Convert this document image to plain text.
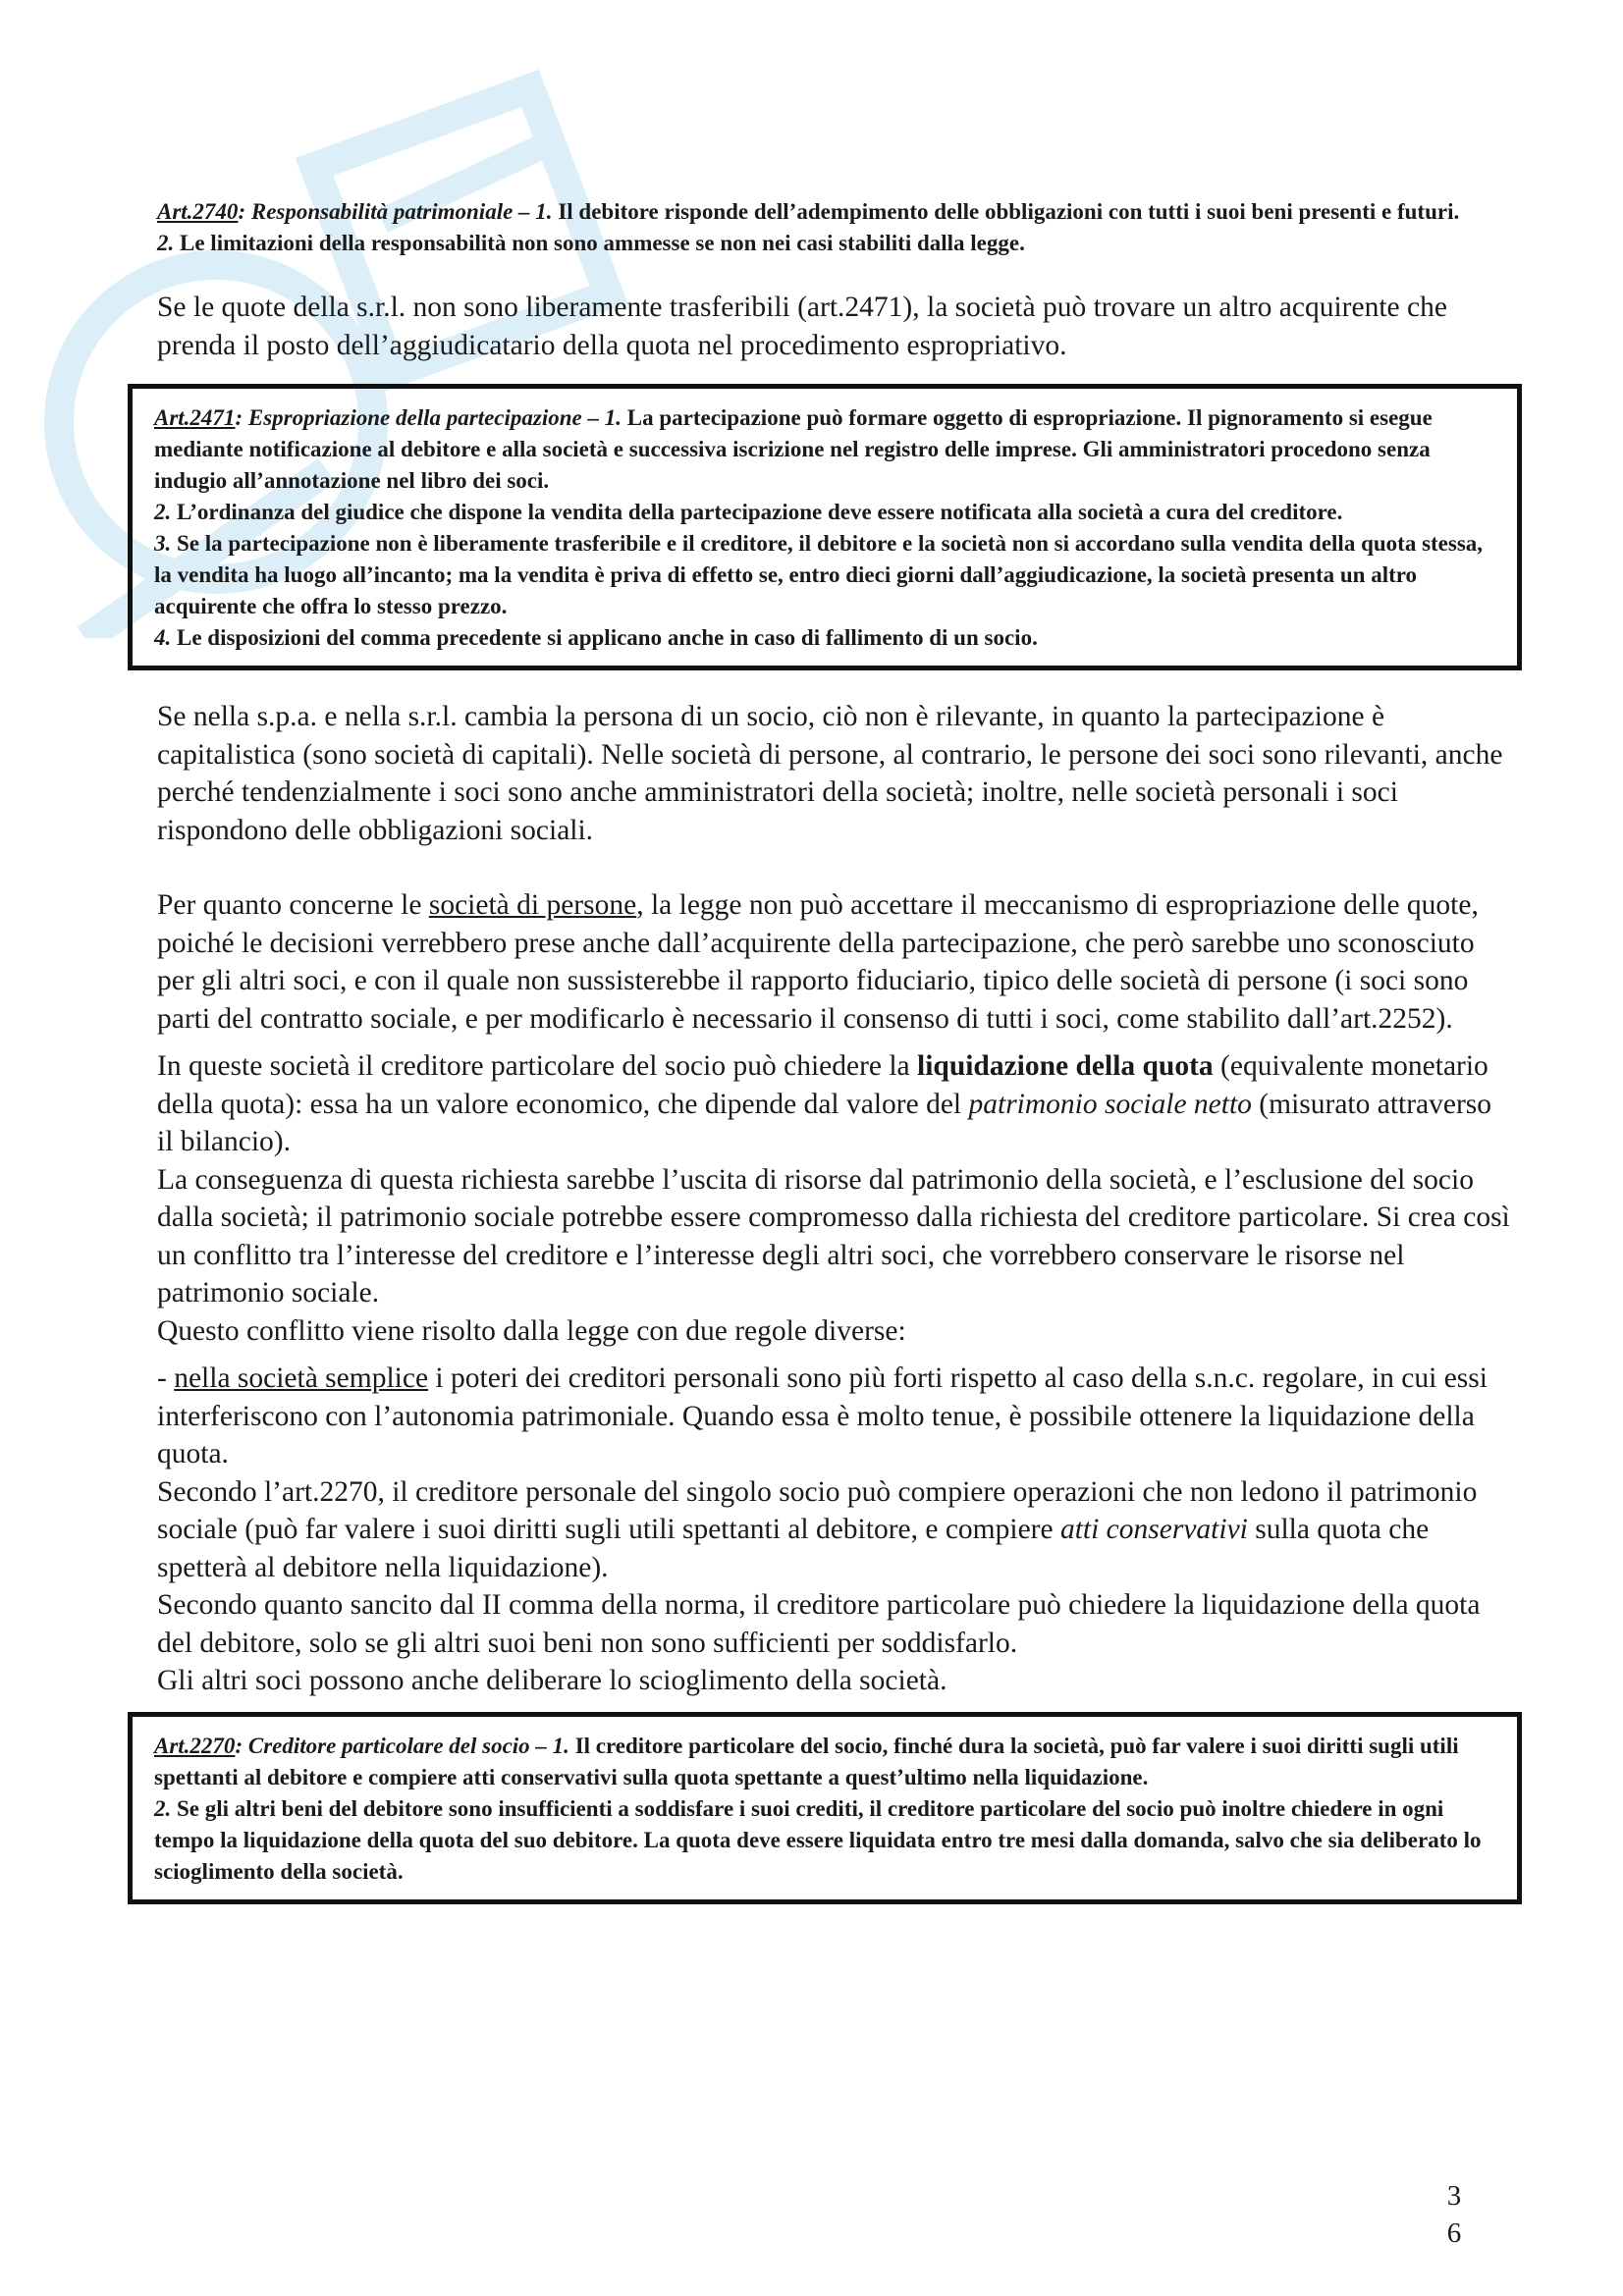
Art.2740: Responsabilità patrimoniale – 1. Il debitore risponde dell’adempimento delle obbligazioni con tutti i suoi beni presenti e futuri.
2. Le limitazioni della responsabilità non sono ammesse se non nei casi stabiliti dalla legge.

Se le quote della s.r.l. non sono liberamente trasferibili (art.2471), la società può trovare un altro acquirente che prenda il posto dell’aggiudicatario della quota nel procedimento espropriativo.

Art.2471: Espropriazione della partecipazione – 1. La partecipazione può formare oggetto di espropriazione. Il pignoramento si esegue mediante notificazione al debitore e alla società e successiva iscrizione nel registro delle imprese. Gli amministratori procedono senza indugio all’annotazione nel libro dei soci.
2. L’ordinanza del giudice che dispone la vendita della partecipazione deve essere notificata alla società a cura del creditore.
3. Se la partecipazione non è liberamente trasferibile e il creditore, il debitore e la società non si accordano sulla vendita della quota stessa, la vendita ha luogo all’incanto; ma la vendita è priva di effetto se, entro dieci giorni dall’aggiudicazione, la società presenta un altro acquirente che offra lo stesso prezzo.
4. Le disposizioni del comma precedente si applicano anche in caso di fallimento di un socio.

Se nella s.p.a. e nella s.r.l. cambia la persona di un socio, ciò non è rilevante, in quanto la partecipazione è capitalistica (sono società di capitali). Nelle società di persone, al contrario, le persone dei soci sono rilevanti, anche perché tendenzialmente i soci sono anche amministratori della società; inoltre, nelle società personali i soci rispondono delle obbligazioni sociali.

Per quanto concerne le società di persone, la legge non può accettare il meccanismo di espropriazione delle quote, poiché le decisioni verrebbero prese anche dall’acquirente della partecipazione, che però sarebbe uno sconosciuto per gli altri soci, e con il quale non sussisterebbe il rapporto fiduciario, tipico delle società di persone (i soci sono parti del contratto sociale, e per modificarlo è necessario il consenso di tutti i soci, come stabilito dall’art.2252).

In queste società il creditore particolare del socio può chiedere la liquidazione della quota (equivalente monetario della quota): essa ha un valore economico, che dipende dal valore del patrimonio sociale netto (misurato attraverso il bilancio).
La conseguenza di questa richiesta sarebbe l’uscita di risorse dal patrimonio della società, e l’esclusione del socio dalla società; il patrimonio sociale potrebbe essere compromesso dalla richiesta del creditore particolare. Si crea così un conflitto tra l’interesse del creditore e l’interesse degli altri soci, che vorrebbero conservare le risorse nel patrimonio sociale.
Questo conflitto viene risolto dalla legge con due regole diverse:

- nella società semplice i poteri dei creditori personali sono più forti rispetto al caso della s.n.c. regolare, in cui essi interferiscono con l’autonomia patrimoniale. Quando essa è molto tenue, è possibile ottenere la liquidazione della quota.
Secondo l’art.2270, il creditore personale del singolo socio può compiere operazioni che non ledono il patrimonio sociale (può far valere i suoi diritti sugli utili spettanti al debitore, e compiere atti conservativi sulla quota che spetterà al debitore nella liquidazione).
Secondo quanto sancito dal II comma della norma, il creditore particolare può chiedere la liquidazione della quota del debitore, solo se gli altri suoi beni non sono sufficienti per soddisfarlo.
Gli altri soci possono anche deliberare lo scioglimento della società.

Art.2270: Creditore particolare del socio – 1. Il creditore particolare del socio, finché dura la società, può far valere i suoi diritti sugli utili spettanti al debitore e compiere atti conservativi sulla quota spettante a quest’ultimo nella liquidazione.
2. Se gli altri beni del debitore sono insufficienti a soddisfare i suoi crediti, il creditore particolare del socio può inoltre chiedere in ogni tempo la liquidazione della quota del suo debitore. La quota deve essere liquidata entro tre mesi dalla domanda, salvo che sia deliberato lo scioglimento della società.
3
6
